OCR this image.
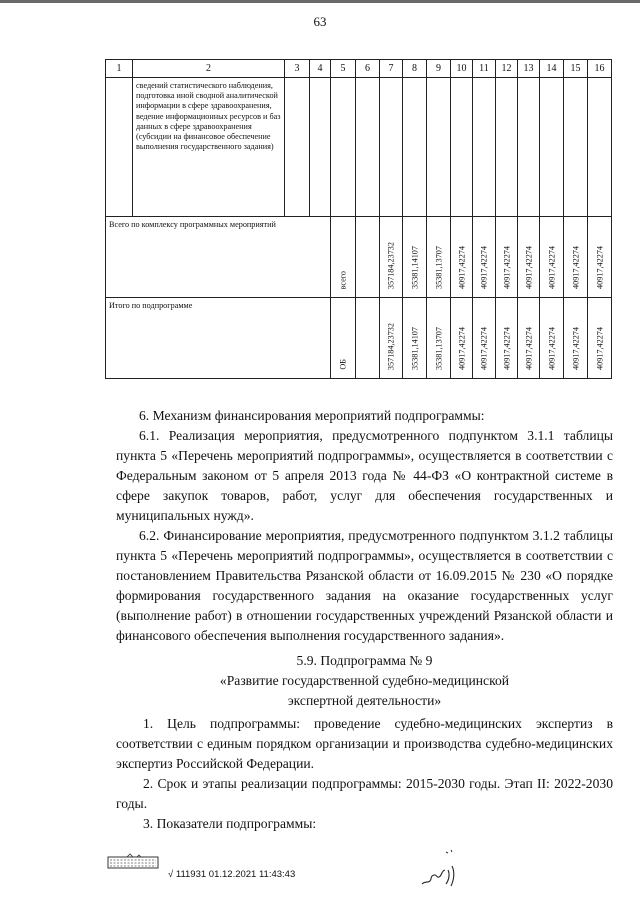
63
1	2	3	4	5	6	7	8	9	10	11	12	13	14	15	16

	сведений статистического наблюдения, подготовка иной сводной аналитической информации в сфере здравоохранения, ведение информационных ресурсов и баз данных в сфере здравоохранения (субсидии на финансовое обеспечение выполнения государственного задания)														

Всего по комплексу программных мероприятий				всего		357184,23732	35381,14107	35381,13707	40917,42274	40917,42274	40917,42274	40917,42274	40917,42274	40917,42274	40917,42274

Итого по подпрограмме				ОБ		357184,23732	35381,14107	35381,13707	40917,42274	40917,42274	40917,42274	40917,42274	40917,42274	40917,42274	40917,42274

6. Механизм финансирования мероприятий подпрограммы:

6.1. Реализация мероприятия, предусмотренного подпунктом 3.1.1 таблицы пункта 5 «Перечень мероприятий подпрограммы», осуществляется в соответствии с Федеральным законом от 5 апреля 2013 года № 44-ФЗ «О контрактной системе в сфере закупок товаров, работ, услуг для обеспечения государственных и муниципальных нужд».

6.2. Финансирование мероприятия, предусмотренного подпунктом 3.1.2 таблицы пункта 5 «Перечень мероприятий подпрограммы», осуществляется в соответствии с постановлением Правительства Рязанской области от 16.09.2015 № 230 «О порядке формирования государственного задания на оказание государственных услуг (выполнение работ) в отношении государственных учреждений Рязанской области и финансового обеспечения выполнения государственного задания».

5.9. Подпрограмма № 9

«Развитие государственной судебно-медицинской

экспертной деятельности»

1. Цель подпрограммы: проведение судебно-медицинских экспертиз в соответствии с единым порядком организации и производства судебно-медицинских экспертиз Российской Федерации.

2. Срок и этапы реализации подпрограммы: 2015-2030 годы. Этап II: 2022-2030 годы.

3. Показатели подпрограммы:

√ 111931 01.12.2021 11:43:43
